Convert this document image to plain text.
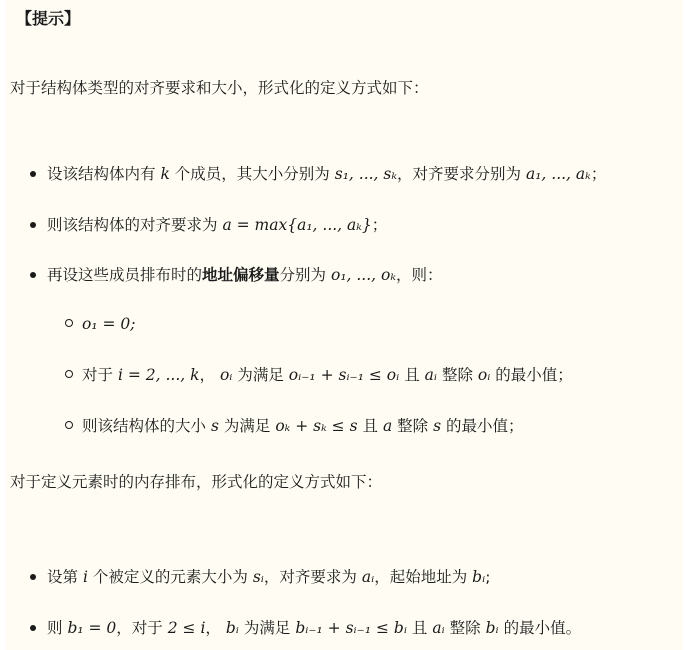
【提示】
对于结构体类型的对齐要求和大小，形式化的定义方式如下：
设该结构体内有 k 个成员，其大小分别为 s₁, ..., sₖ，对齐要求分别为 a₁, ..., aₖ；
则该结构体的对齐要求为 a = max{a₁, ..., aₖ}；
再设这些成员排布时的地址偏移量分别为 o₁, ..., oₖ，则：
o₁ = 0;
对于 i = 2, ..., k， oᵢ 为满足 oᵢ₋₁ + sᵢ₋₁ ≤ oᵢ 且 aᵢ 整除 oᵢ 的最小值；
则该结构体的大小 s 为满足 oₖ + sₖ ≤ s 且 a 整除 s 的最小值；
对于定义元素时的内存排布，形式化的定义方式如下：
设第 i 个被定义的元素大小为 sᵢ，对齐要求为 aᵢ，起始地址为 bᵢ;
则 b₁ = 0，对于 2 ≤ i， bᵢ 为满足 bᵢ₋₁ + sᵢ₋₁ ≤ bᵢ 且 aᵢ 整除 bᵢ 的最小值。
